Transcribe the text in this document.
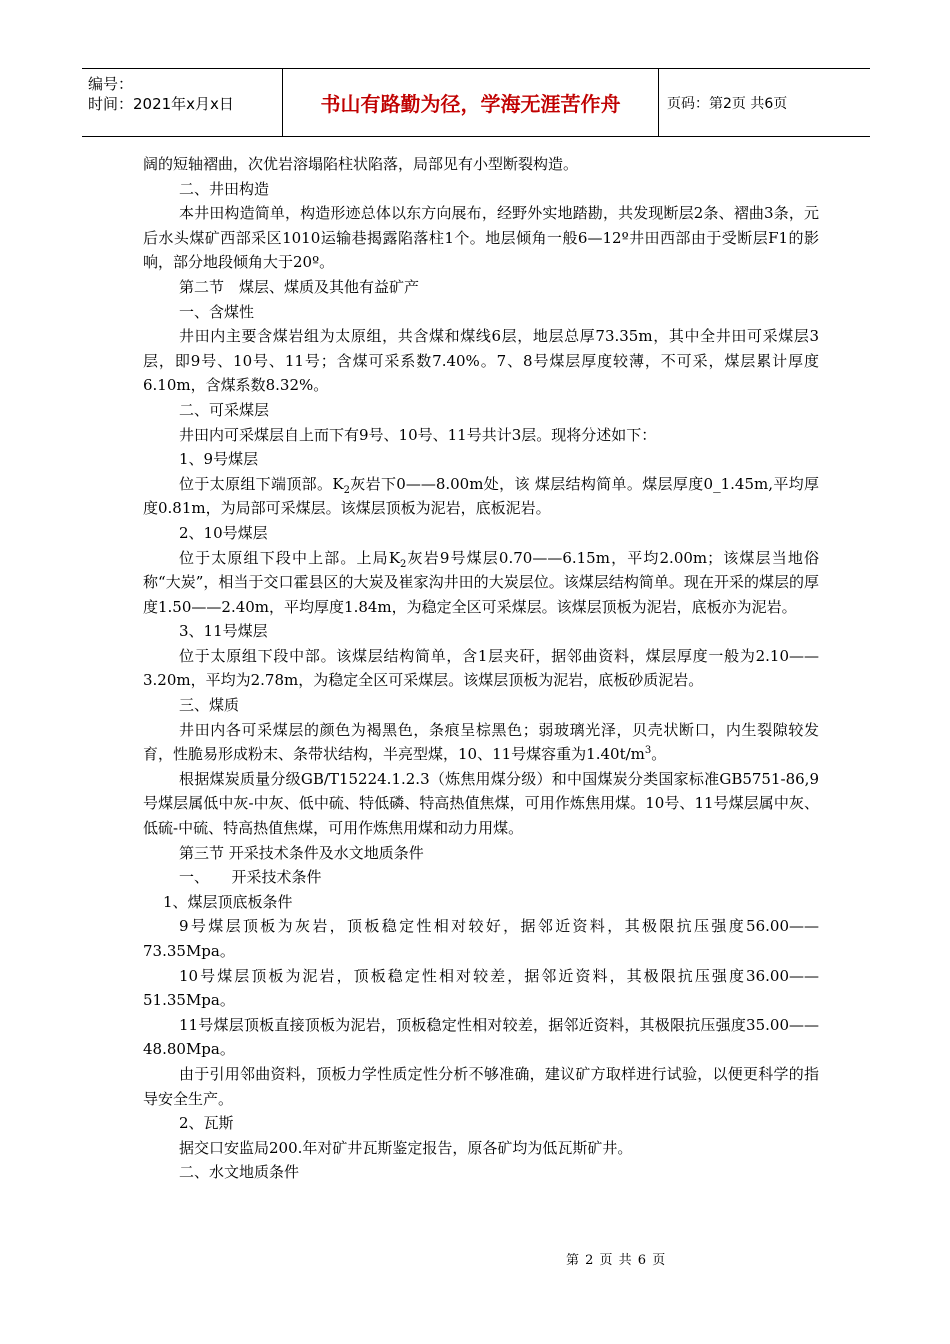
编号：
时间：2021年x月x日	书山有路勤为径，学海无涯苦作舟	页码：第2页 共6页

阔的短轴褶曲，次优岩溶塌陷柱状陷落，局部见有小型断裂构造。

二、井田构造

本井田构造简单，构造形迹总体以东方向展布，经野外实地踏勘，共发现断层2条、褶曲3条，元后水头煤矿西部采区1010运输巷揭露陷落柱1个。地层倾角一般6—12º井田西部由于受断层F1的影响，部分地段倾角大于20º。

第二节　煤层、煤质及其他有益矿产

一、含煤性

井田内主要含煤岩组为太原组，共含煤和煤线6层，地层总厚73.35m，其中全井田可采煤层3层，即9号、10号、11号；含煤可采系数7.40%。7、8号煤层厚度较薄，不可采，煤层累计厚度6.10m，含煤系数8.32%。

二、可采煤层

井田内可采煤层自上而下有9号、10号、11号共计3层。现将分述如下：

1、9号煤层

位于太原组下端顶部。$K_2$灰岩下0——8.00m处，该 煤层结构简单。煤层厚度0_1.45m,平均厚度0.81m，为局部可采煤层。该煤层顶板为泥岩，底板泥岩。

2、10号煤层

位于太原组下段中上部。上局$K_2$灰岩9号煤层0.70——6.15m，平均2.00m；该煤层当地俗称“大炭”，相当于交口霍县区的大炭及崔家沟井田的大炭层位。该煤层结构简单。现在开采的煤层的厚度1.50——2.40m，平均厚度1.84m，为稳定全区可采煤层。该煤层顶板为泥岩，底板亦为泥岩。

3、11号煤层

位于太原组下段中部。该煤层结构简单，含1层夹矸，据邻曲资料，煤层厚度一般为2.10——3.20m，平均为2.78m，为稳定全区可采煤层。该煤层顶板为泥岩，底板砂质泥岩。

三、煤质

井田内各可采煤层的颜色为褐黑色，条痕呈棕黑色；弱玻璃光泽，贝壳状断口，内生裂隙较发育，性脆易形成粉末、条带状结构，半亮型煤，10、11号煤容重为$1.40t/m^3$。

根据煤炭质量分级GB/T15224.1.2.3（炼焦用煤分级）和中国煤炭分类国家标准GB5751-86,9号煤层属低中灰-中灰、低中硫、特低磷、特高热值焦煤，可用作炼焦用煤。10号、11号煤层属中灰、低硫-中硫、特高热值焦煤，可用作炼焦用煤和动力用煤。

第三节 开采技术条件及水文地质条件

一、　　开采技术条件

1、煤层顶底板条件

9号煤层顶板为灰岩，顶板稳定性相对较好，据邻近资料，其极限抗压强度56.00——73.35Mpa。

10号煤层顶板为泥岩，顶板稳定性相对较差，据邻近资料，其极限抗压强度36.00——51.35Mpa。

11号煤层顶板直接顶板为泥岩，顶板稳定性相对较差，据邻近资料，其极限抗压强度35.00——48.80Mpa。

由于引用邻曲资料，顶板力学性质定性分析不够准确，建议矿方取样进行试验，以便更科学的指导安全生产。

2、瓦斯

据交口安监局200.年对矿井瓦斯鉴定报告，原各矿均为低瓦斯矿井。

二、水文地质条件

第 2 页 共 6 页
